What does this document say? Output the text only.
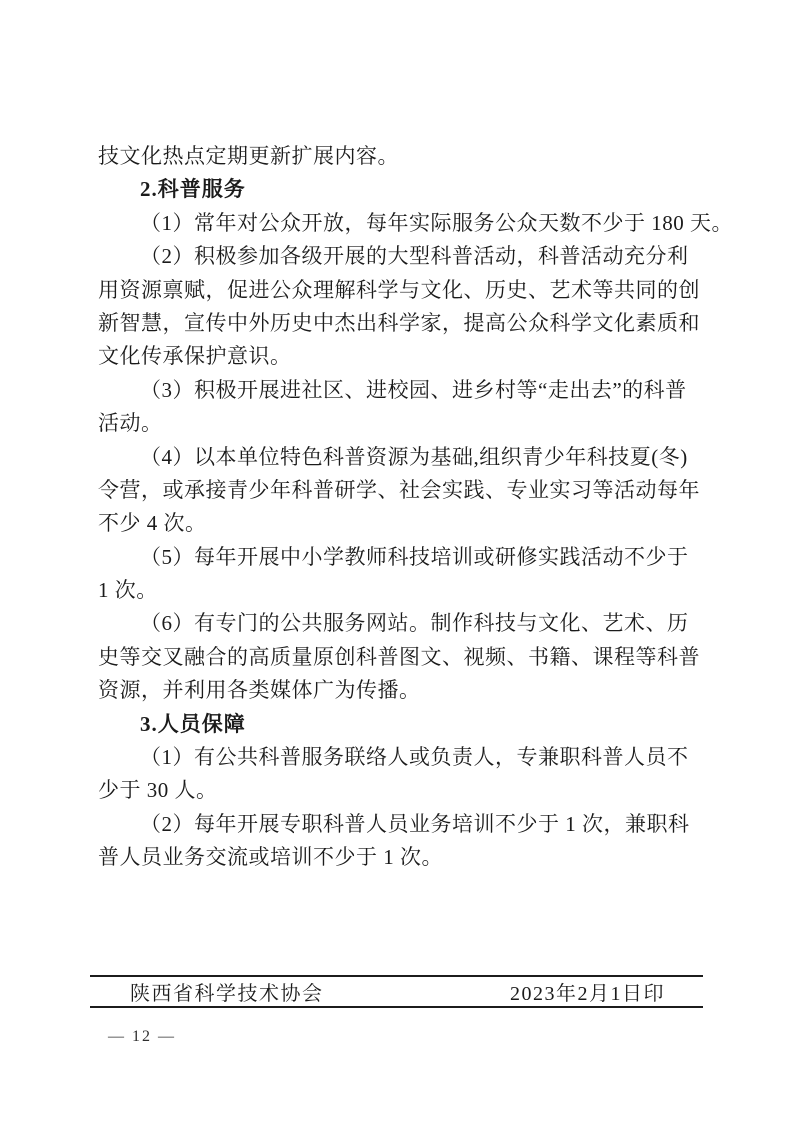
技文化热点定期更新扩展内容。
2.科普服务
（1）常年对公众开放，每年实际服务公众天数不少于 180 天。
（2）积极参加各级开展的大型科普活动，科普活动充分利
用资源禀赋，促进公众理解科学与文化、历史、艺术等共同的创
新智慧，宣传中外历史中杰出科学家，提高公众科学文化素质和
文化传承保护意识。
（3）积极开展进社区、进校园、进乡村等“走出去”的科普
活动。
（4）以本单位特色科普资源为基础,组织青少年科技夏(冬)
令营，或承接青少年科普研学、社会实践、专业实习等活动每年
不少 4 次。
（5）每年开展中小学教师科技培训或研修实践活动不少于
1 次。
（6）有专门的公共服务网站。制作科技与文化、艺术、历
史等交叉融合的高质量原创科普图文、视频、书籍、课程等科普
资源，并利用各类媒体广为传播。
3.人员保障
（1）有公共科普服务联络人或负责人，专兼职科普人员不
少于 30 人。
（2）每年开展专职科普人员业务培训不少于 1 次，兼职科
普人员业务交流或培训不少于 1 次。
陕西省科学技术协会	2023年2月1日印
— 12 —
